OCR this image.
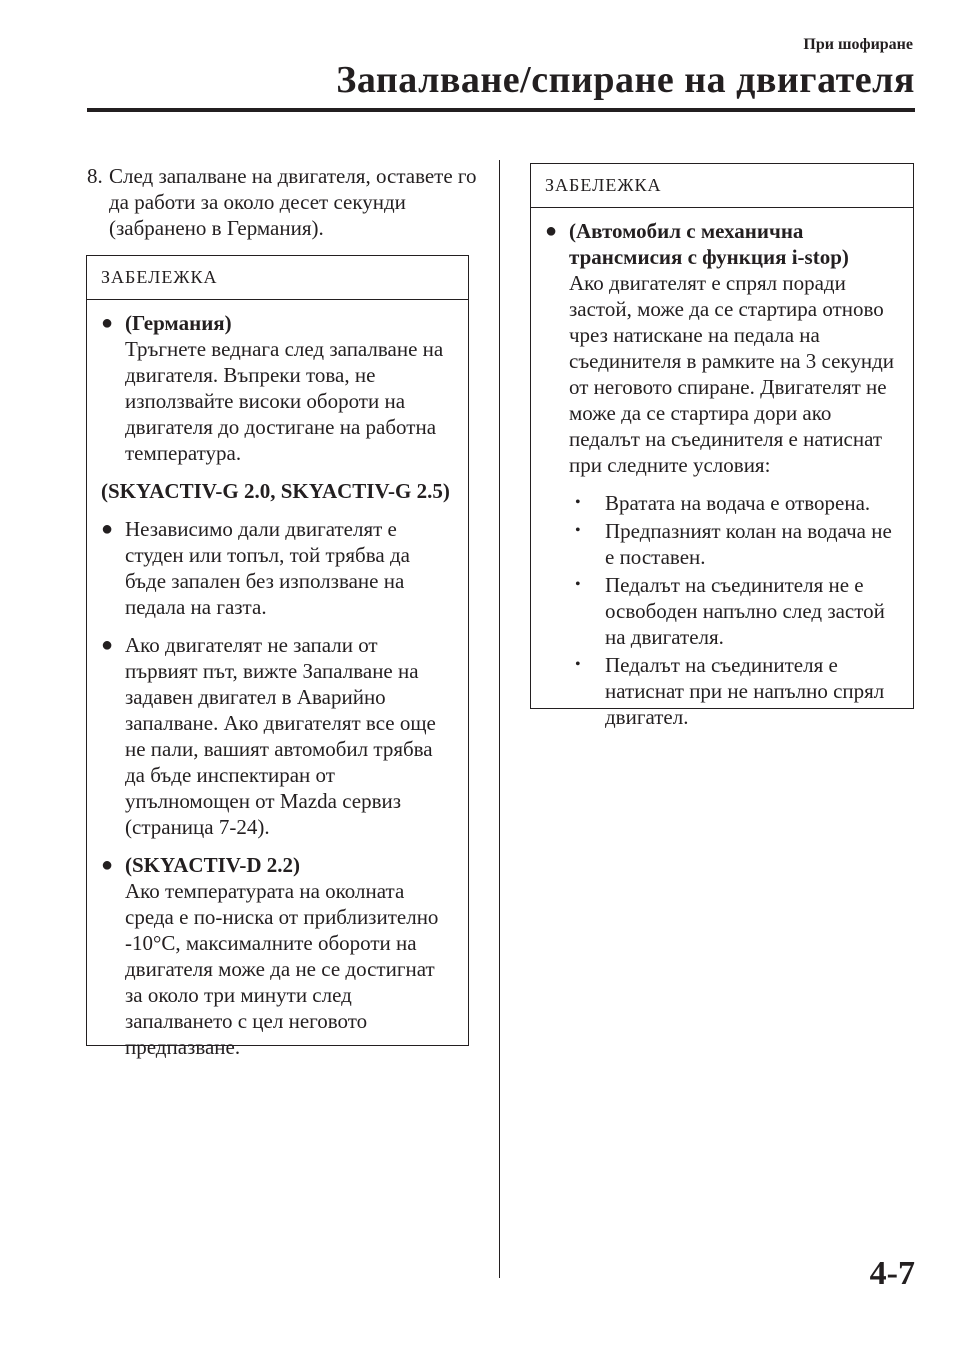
При шофиране
Запалване/спиране на двигателя
8. След запалване на двигателя, оставете го да работи за около десет секунди (забранено в Германия).
ЗАБЕЛЕЖКА
● (Германия)
Тръгнете веднага след запалване на двигателя. Въпреки това, не използвайте високи обороти на двигателя до достигане на работна температура.
(SKYACTIV-G 2.0, SKYACTIV-G 2.5)
● Независимо дали двигателят е студен или топъл, той трябва да бъде запален без използване на педала на газта.
● Ако двигателят не запали от първият път, вижте Запалване на задавен двигател в Аварийно запалване. Ако двигателят все още не пали, вашият автомобил трябва да бъде инспектиран от упълномощен от Mazda сервиз (страница 7-24).
● (SKYACTIV-D 2.2)
Ако температурата на околната среда е по-ниска от приблизително -10°C, максималните обороти на двигателя може да не се достигнат за около три минути след запалването с цел неговото предпазване.
ЗАБЕЛЕЖКА
● (Автомобил с механична трансмисия с функция i-stop)
Ако двигателят е спрял поради застой, може да се стартира отново чрез натискане на педала на съединителя в рамките на 3 секунди от неговото спиране. Двигателят не може да се стартира дори ако педалът на съединителя е натиснат при следните условия:
• Вратата на водача е отворена.
• Предпазният колан на водача не е поставен.
• Педалът на съединителя не е освободен напълно след застой на двигателя.
• Педалът на съединителя е натиснат при не напълно спрял двигател.
4-7
